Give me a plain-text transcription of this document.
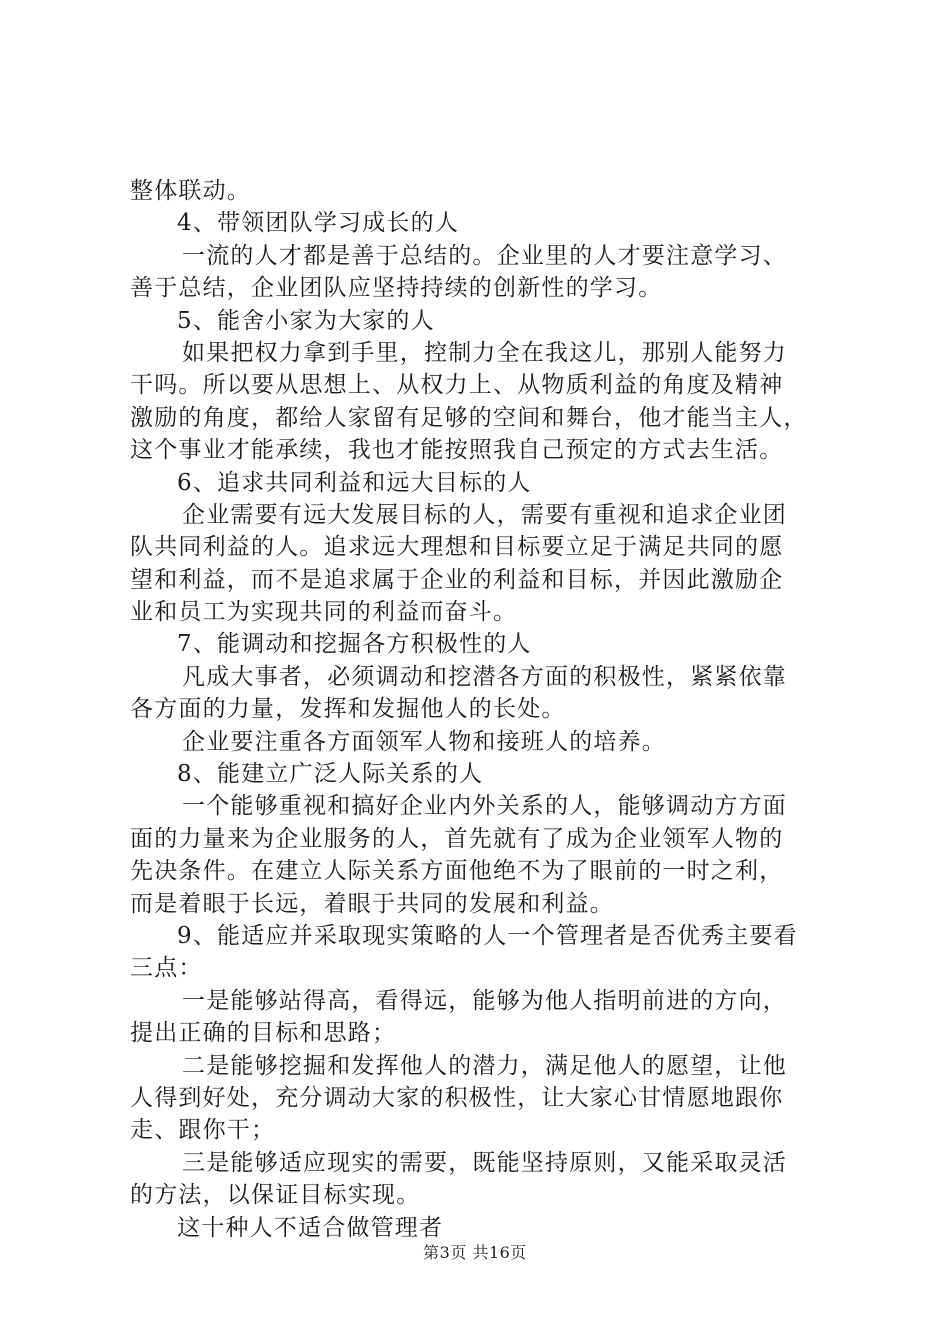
整体联动。
4、带领团队学习成长的人
一流的人才都是善于总结的。企业里的人才要注意学习、
善于总结，企业团队应坚持持续的创新性的学习。
5、能舍小家为大家的人
如果把权力拿到手里，控制力全在我这儿，那别人能努力
干吗。所以要从思想上、从权力上、从物质利益的角度及精神
激励的角度，都给人家留有足够的空间和舞台，他才能当主人，
这个事业才能承续，我也才能按照我自己预定的方式去生活。
6、追求共同利益和远大目标的人
企业需要有远大发展目标的人，需要有重视和追求企业团
队共同利益的人。追求远大理想和目标要立足于满足共同的愿
望和利益，而不是追求属于企业的利益和目标，并因此激励企
业和员工为实现共同的利益而奋斗。
7、能调动和挖掘各方积极性的人
凡成大事者，必须调动和挖潜各方面的积极性，紧紧依靠
各方面的力量，发挥和发掘他人的长处。
企业要注重各方面领军人物和接班人的培养。
8、能建立广泛人际关系的人
一个能够重视和搞好企业内外关系的人，能够调动方方面
面的力量来为企业服务的人，首先就有了成为企业领军人物的
先决条件。在建立人际关系方面他绝不为了眼前的一时之利，
而是着眼于长远，着眼于共同的发展和利益。
9、能适应并采取现实策略的人一个管理者是否优秀主要看
三点：
一是能够站得高，看得远，能够为他人指明前进的方向，
提出正确的目标和思路；
二是能够挖掘和发挥他人的潜力，满足他人的愿望，让他
人得到好处，充分调动大家的积极性，让大家心甘情愿地跟你
走、跟你干；
三是能够适应现实的需要，既能坚持原则，又能采取灵活
的方法，以保证目标实现。
这十种人不适合做管理者
第3页 共16页
